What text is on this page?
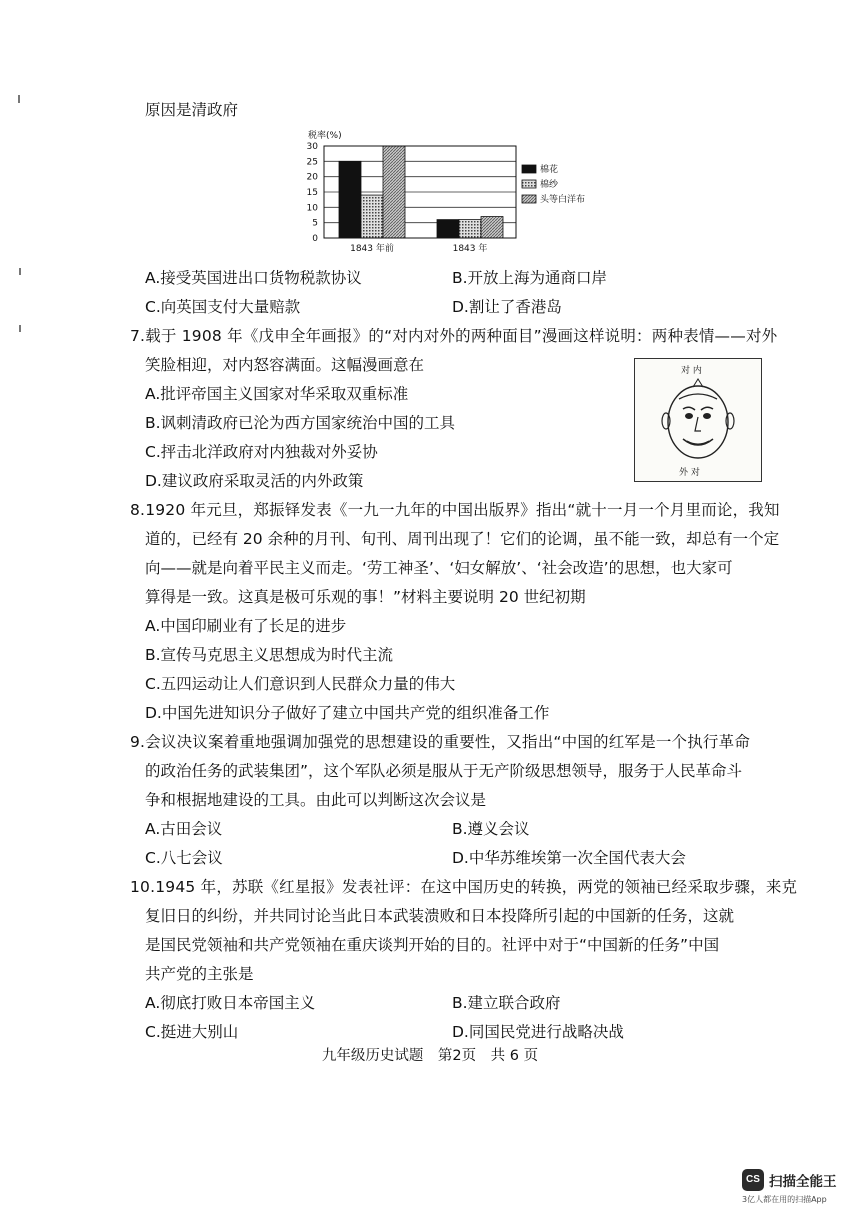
原因是清政府
税率(%)
0
5
10
15
20
25
30
1843 年前	1843 年
棉花
棉纱
头等白洋布
A.接受英国进出口货物税款协议	B.开放上海为通商口岸
C.向英国支付大量赔款	D.割让了香港岛
7.载于 1908 年《戊申全年画报》的“对内对外的两种面目”漫画这样说明：两种表情——对外
笑脸相迎，对内怒容满面。这幅漫画意在
A.批评帝国主义国家对华采取双重标准
B.讽刺清政府已沦为西方国家统治中国的工具
C.抨击北洋政府对内独裁对外妥协
D.建议政府采取灵活的内外政策
对 内
外 对
8.1920 年元旦，郑振铎发表《一九一九年的中国出版界》指出“就十一月一个月里而论，我知
道的，已经有 20 余种的月刊、旬刊、周刊出现了！它们的论调，虽不能一致，却总有一个定
向——就是向着平民主义而走。‘劳工神圣’、‘妇女解放’、‘社会改造’的思想，也大家可
算得是一致。这真是极可乐观的事！”材料主要说明 20 世纪初期
A.中国印刷业有了长足的进步
B.宣传马克思主义思想成为时代主流
C.五四运动让人们意识到人民群众力量的伟大
D.中国先进知识分子做好了建立中国共产党的组织准备工作
9.会议决议案着重地强调加强党的思想建设的重要性，又指出“中国的红军是一个执行革命
的政治任务的武装集团”，这个军队必须是服从于无产阶级思想领导，服务于人民革命斗
争和根据地建设的工具。由此可以判断这次会议是
A.古田会议	B.遵义会议
C.八七会议	D.中华苏维埃第一次全国代表大会
10.1945 年，苏联《红星报》发表社评：在这中国历史的转换，两党的领袖已经采取步骤，来克
复旧日的纠纷，并共同讨论当此日本武装溃败和日本投降所引起的中国新的任务，这就
是国民党领袖和共产党领袖在重庆谈判开始的目的。社评中对于“中国新的任务”中国
共产党的主张是
A.彻底打败日本帝国主义	B.建立联合政府
C.挺进大别山	D.同国民党进行战略决战
九年级历史试题　第2页　共 6 页
CS 扫描全能王
3亿人都在用的扫描App
